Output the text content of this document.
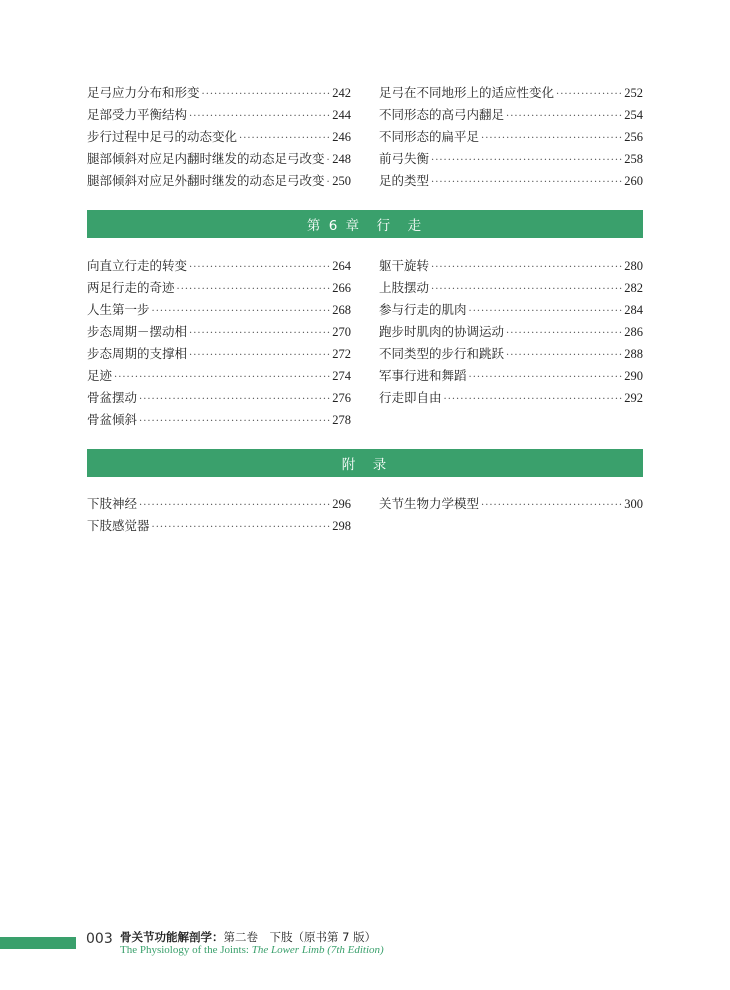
足弓应力分布和形变 ·····	242
足部受力平衡结构 ·····	244
步行过程中足弓的动态变化 ·····	246
腿部倾斜对应足内翻时继发的动态足弓改变 ····· 248
腿部倾斜对应足外翻时继发的动态足弓改变 ····· 250
足弓在不同地形上的适应性变化 ·····	252
不同形态的高弓内翻足 ·····	254
不同形态的扁平足 ·····	256
前弓失衡 ·····	258
足的类型 ·····	260
第 6 章　行　走
向直立行走的转变 ·····	264
两足行走的奇迹 ·····	266
人生第一步 ·····	268
步态周期－摆动相 ·····	270
步态周期的支撑相 ·····	272
足迹 ·····	274
骨盆摆动 ·····	276
骨盆倾斜 ·····	278
躯干旋转 ·····	280
上肢摆动 ·····	282
参与行走的肌肉 ·····	284
跑步时肌肉的协调运动 ·····	286
不同类型的步行和跳跃 ·····	288
军事行进和舞蹈 ·····	290
行走即自由 ·····	292
附　录
下肢神经 ·····	296
下肢感觉器 ·····	298
关节生物力学模型 ·····	300
003 骨关节功能解剖学：第二卷　下肢（原书第 7 版）
The Physiology of the Joints: The Lower Limb (7th Edition)
